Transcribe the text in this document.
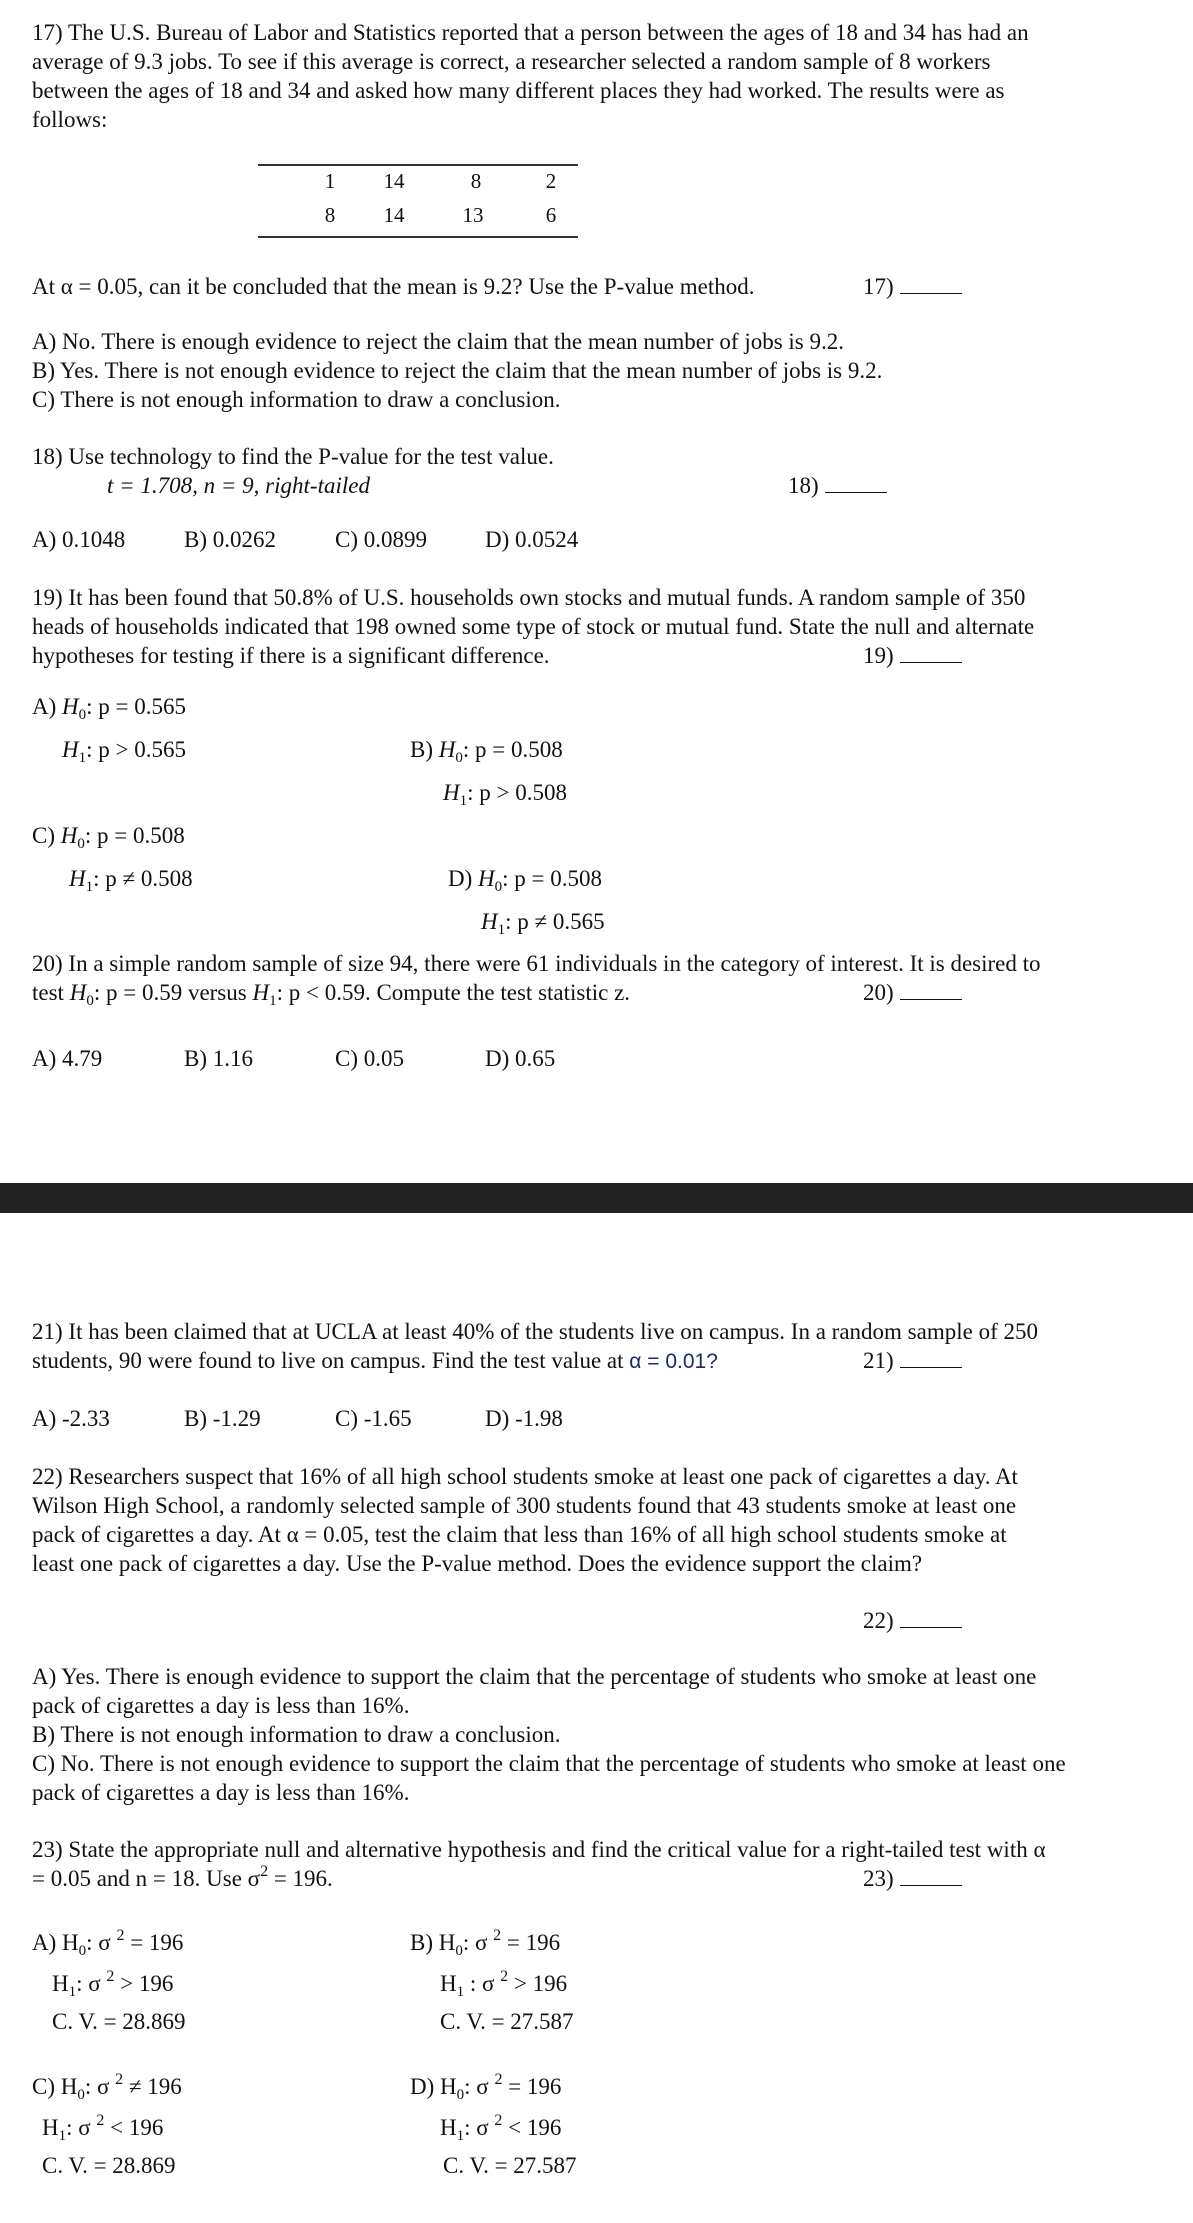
17) The U.S. Bureau of Labor and Statistics reported that a person between the ages of 18 and 34 has had an
average of 9.3 jobs. To see if this average is correct, a researcher selected a random sample of 8 workers
between the ages of 18 and 34 and asked how many different places they had worked. The results were as
follows:
1	14	8	2
8	14	13	6
At α = 0.05, can it be concluded that the mean is 9.2? Use the P-value method.	17)
A) No. There is enough evidence to reject the claim that the mean number of jobs is 9.2.
B) Yes. There is not enough evidence to reject the claim that the mean number of jobs is 9.2.
C) There is not enough information to draw a conclusion.
18) Use technology to find the P-value for the test value.
t = 1.708, n = 9, right-tailed	18)
A) 0.1048	B) 0.0262	C) 0.0899	D) 0.0524
19) It has been found that 50.8% of U.S. households own stocks and mutual funds. A random sample of 350
heads of households indicated that 198 owned some type of stock or mutual fund. State the null and alternate
hypotheses for testing if there is a significant difference.	19)
A) $H_0$: p = 0.565
$H_1$: p > 0.565	B) $H_0$: p = 0.508
$H_1$: p > 0.508
C) $H_0$: p = 0.508
$H_1$: p ≠ 0.508	D) $H_0$: p = 0.508
$H_1$: p ≠ 0.565
20) In a simple random sample of size 94, there were 61 individuals in the category of interest. It is desired to
test $H_0$: p = 0.59 versus $H_1$: p < 0.59. Compute the test statistic z.	20)
A) 4.79	B) 1.16	C) 0.05	D) 0.65
21) It has been claimed that at UCLA at least 40% of the students live on campus. In a random sample of 250
students, 90 were found to live on campus. Find the test value at α = 0.01?	21)
A) -2.33	B) -1.29	C) -1.65	D) -1.98
22) Researchers suspect that 16% of all high school students smoke at least one pack of cigarettes a day. At
Wilson High School, a randomly selected sample of 300 students found that 43 students smoke at least one
pack of cigarettes a day. At α = 0.05, test the claim that less than 16% of all high school students smoke at
least one pack of cigarettes a day. Use the P-value method. Does the evidence support the claim?
22)
A) Yes. There is enough evidence to support the claim that the percentage of students who smoke at least one
pack of cigarettes a day is less than 16%.
B) There is not enough information to draw a conclusion.
C) No. There is not enough evidence to support the claim that the percentage of students who smoke at least one
pack of cigarettes a day is less than 16%.
23) State the appropriate null and alternative hypothesis and find the critical value for a right-tailed test with α
= 0.05 and n = 18. Use $\sigma^2 = 196$.	23)
A) $H_0$: σ $^2$ = 196
$H_1$: σ $^2$ > 196
C. V. = 28.869
B) $H_0$: σ $^2$ = 196
$H_1$ : σ $^2$ > 196
C. V. = 27.587
C) $H_0$: σ $^2$ ≠ 196
$H_1$: σ $^2$ < 196
C. V. = 28.869
D) $H_0$: σ $^2$ = 196
$H_1$: σ $^2$ < 196
C. V. = 27.587
